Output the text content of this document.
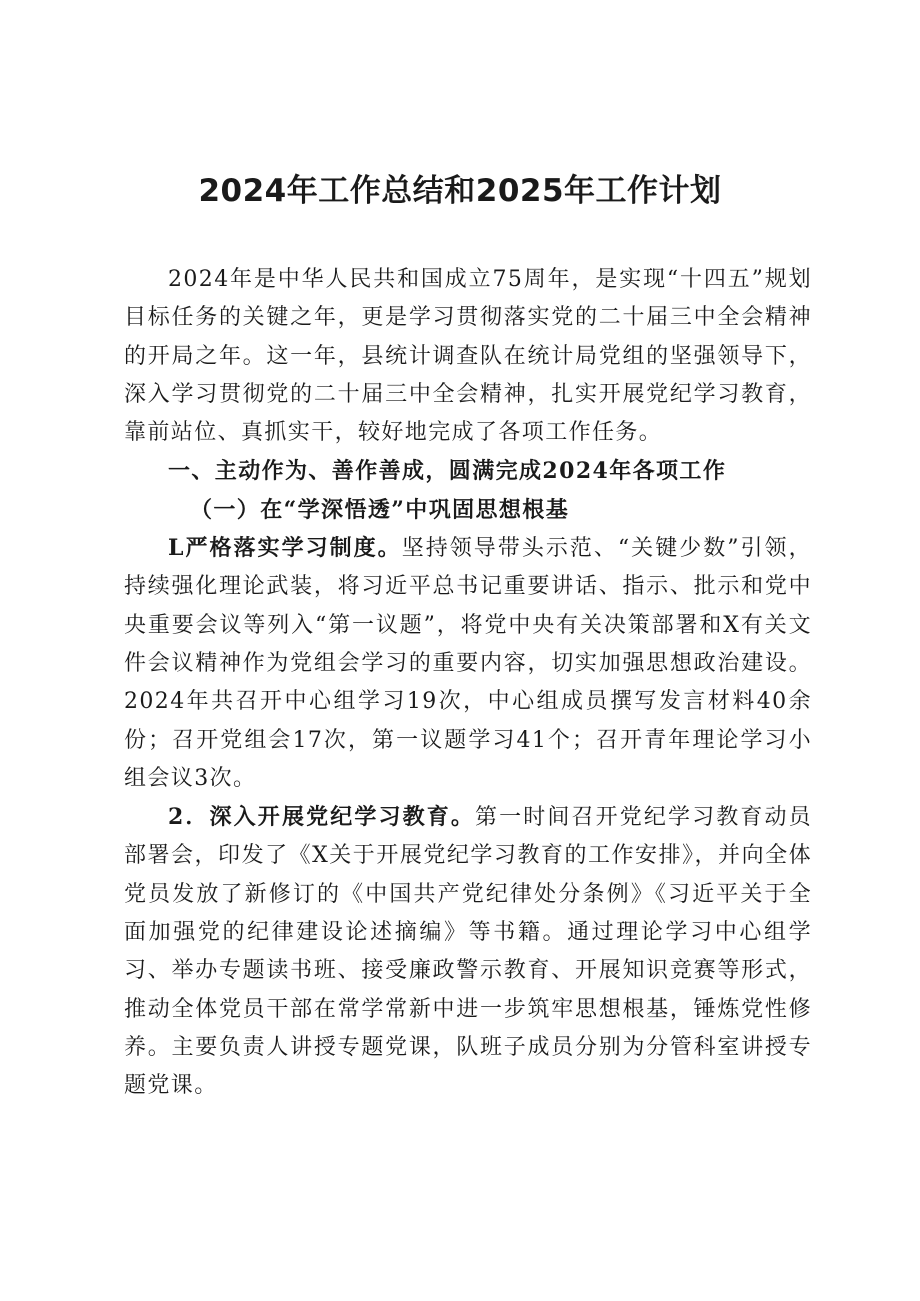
2024年工作总结和2025年工作计划

2024年是中华人民共和国成立75周年，是实现“十四五”规划目标任务的关键之年，更是学习贯彻落实党的二十届三中全会精神的开局之年。这一年，县统计调查队在统计局党组的坚强领导下，深入学习贯彻党的二十届三中全会精神，扎实开展党纪学习教育，靠前站位、真抓实干，较好地完成了各项工作任务。

一、主动作为、善作善成，圆满完成2024年各项工作

（一）在“学深悟透”中巩固思想根基

L严格落实学习制度。坚持领导带头示范、“关键少数”引领，持续强化理论武装，将习近平总书记重要讲话、指示、批示和党中央重要会议等列入“第一议题”，将党中央有关决策部署和X有关文件会议精神作为党组会学习的重要内容，切实加强思想政治建设。2024年共召开中心组学习19次，中心组成员撰写发言材料40余份；召开党组会17次，第一议题学习41个；召开青年理论学习小组会议3次。

2．深入开展党纪学习教育。第一时间召开党纪学习教育动员部署会，印发了《X关于开展党纪学习教育的工作安排》，并向全体党员发放了新修订的《中国共产党纪律处分条例》《习近平关于全面加强党的纪律建设论述摘编》等书籍。通过理论学习中心组学习、举办专题读书班、接受廉政警示教育、开展知识竞赛等形式，推动全体党员干部在常学常新中进一步筑牢思想根基，锤炼党性修养。主要负责人讲授专题党课，队班子成员分别为分管科室讲授专题党课。
